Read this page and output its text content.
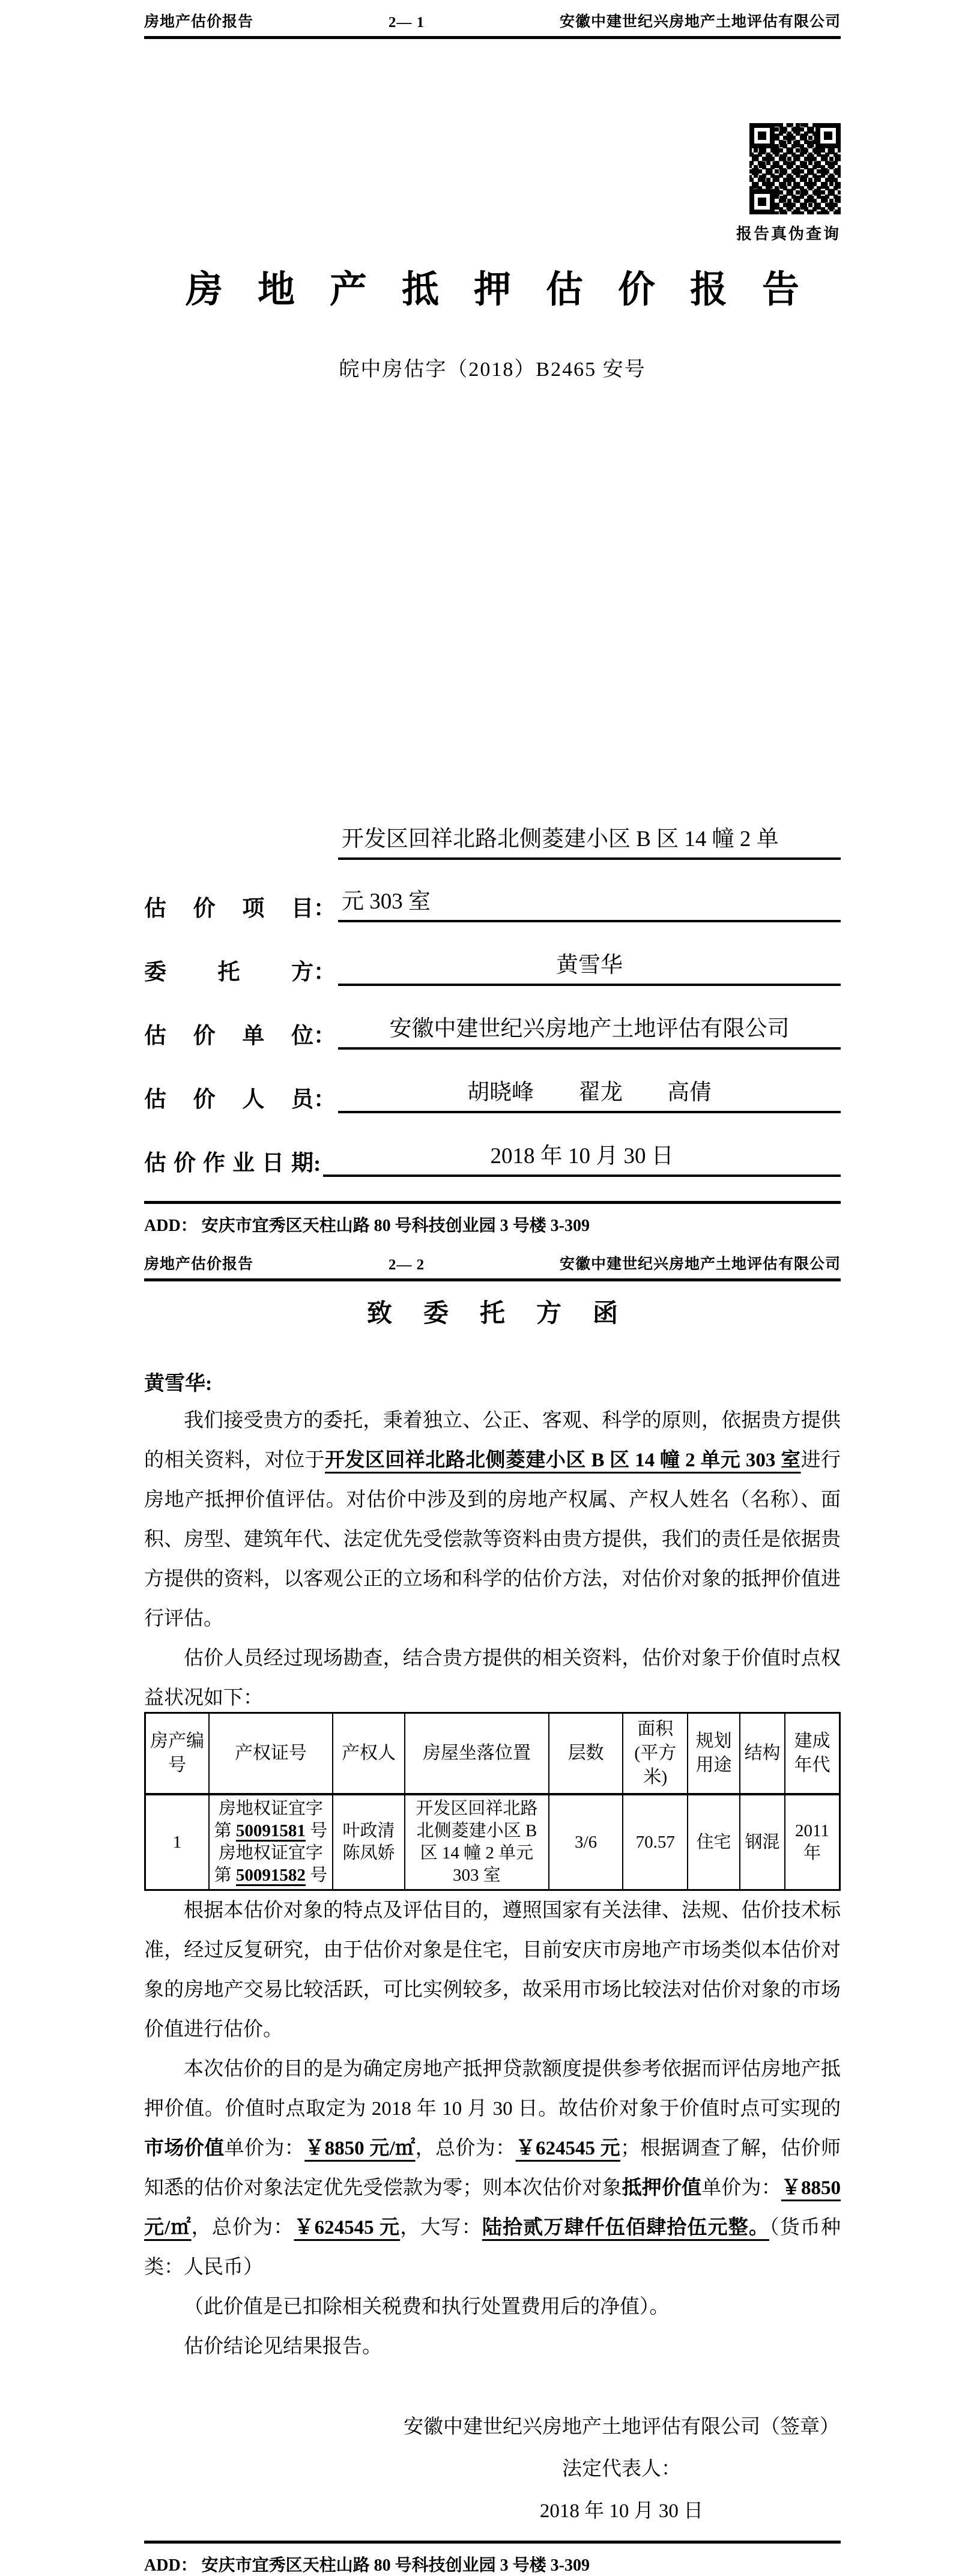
房地产估价报告	2— 1	安徽中建世纪兴房地产土地评估有限公司
报告真伪查询
房地产抵押估价报告
皖中房估字（2018）B2465 安号
估价项目 ：
开发区回祥北路北侧菱建小区 B 区 14 幢 2 单
元 303 室
委托方 ：	黄雪华
估价单位 ：	安徽中建世纪兴房地产土地评估有限公司
估价人员 ：	胡晓峰　　翟龙　　高倩
估价作业日期 :	2018 年 10 月 30 日
ADD： 安庆市宜秀区天柱山路 80 号科技创业园 3 号楼 3-309
房地产估价报告	2— 2	安徽中建世纪兴房地产土地评估有限公司
致委托方函
黄雪华:

我们接受贵方的委托，秉着独立、公正、客观、科学的原则，依据贵方提供的相关资料，对位于开发区回祥北路北侧菱建小区 B 区 14 幢 2 单元 303 室进行房地产抵押价值评估。对估价中涉及到的房地产权属、产权人姓名（名称）、面积、房型、建筑年代、法定优先受偿款等资料由贵方提供，我们的责任是依据贵方提供的资料，以客观公正的立场和科学的估价方法，对估价对象的抵押价值进行评估。

估价人员经过现场勘查，结合贵方提供的相关资料，估价对象于价值时点权益状况如下：

房产编号	产权证号	产权人	房屋坐落位置	层数	面积(平方米)	规划用途	结构	建成年代
1	房地权证宜字
第 50091581 号
房地权证宜字
第 50091582 号	叶政清
陈凤娇	开发区回祥北路北侧菱建小区 B 区 14 幢 2 单元 303 室	3/6	70.57	住宅	钢混	2011 年

根据本估价对象的特点及评估目的，遵照国家有关法律、法规、估价技术标准，经过反复研究，由于估价对象是住宅，目前安庆市房地产市场类似本估价对象的房地产交易比较活跃，可比实例较多，故采用市场比较法对估价对象的市场价值进行估价。

本次估价的目的是为确定房地产抵押贷款额度提供参考依据而评估房地产抵押价值。价值时点取定为 2018 年 10 月 30 日。故估价对象于价值时点可实现的市场价值单价为：￥8850 元/㎡，总价为：￥624545 元；根据调查了解，估价师知悉的估价对象法定优先受偿款为零；则本次估价对象抵押价值单价为：￥8850 元/㎡，总价为：￥624545 元，大写：陆拾贰万肆仟伍佰肆拾伍元整。（货币种类：人民币）

（此价值是已扣除相关税费和执行处置费用后的净值）。

估价结论见结果报告。

安徽中建世纪兴房地产土地评估有限公司（签章）
法定代表人：
2018 年 10 月 30 日
ADD： 安庆市宜秀区天柱山路 80 号科技创业园 3 号楼 3-309
